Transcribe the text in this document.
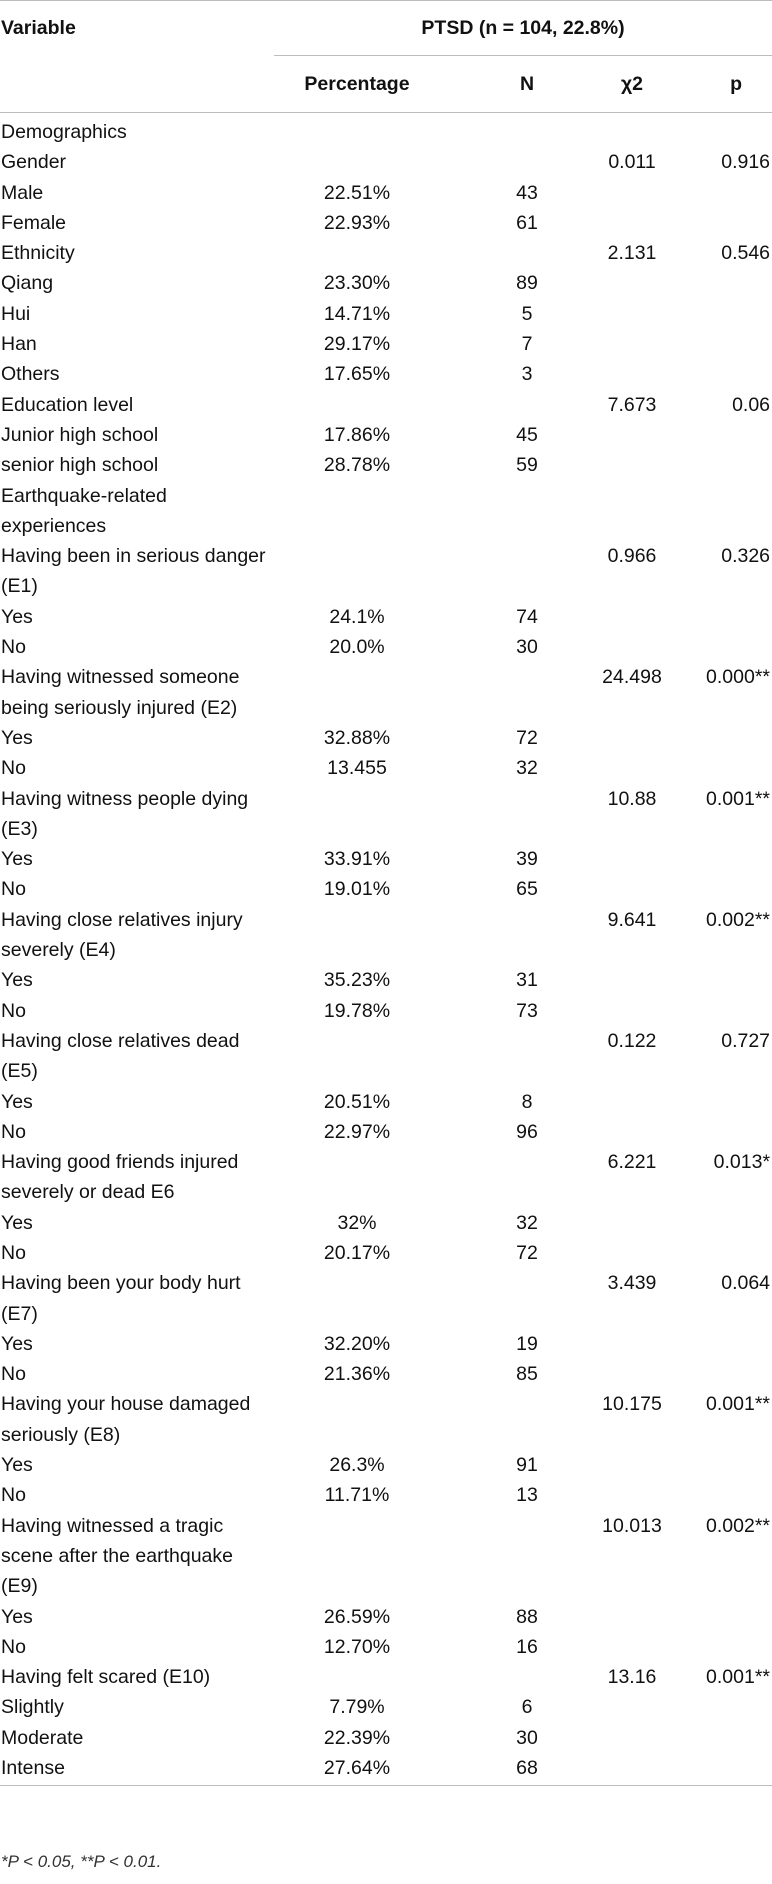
Variable	PTSD (n = 104, 22.8%)			
	Percentage	N	χ2	p
Demographics				
Gender			0.011	0.916
Male	22.51%	43		
Female	22.93%	61		
Ethnicity			2.131	0.546
Qiang	23.30%	89		
Hui	14.71%	5		
Han	29.17%	7		
Others	17.65%	3		
Education level			7.673	0.06
Junior high school	17.86%	45		
senior high school	28.78%	59		
Earthquake-related experiences				
Having been in serious danger (E1)			0.966	0.326
Yes	24.1%	74		
No	20.0%	30		
Having witnessed someone being seriously injured (E2)			24.498	0.000**
Yes	32.88%	72		
No	13.455	32		
Having witness people dying (E3)			10.88	0.001**
Yes	33.91%	39		
No	19.01%	65		
Having close relatives injury severely (E4)			9.641	0.002**
Yes	35.23%	31		
No	19.78%	73		
Having close relatives dead (E5)			0.122	0.727
Yes	20.51%	8		
No	22.97%	96		
Having good friends injured severely or dead E6			6.221	0.013*
Yes	32%	32		
No	20.17%	72		
Having been your body hurt (E7)			3.439	0.064
Yes	32.20%	19		
No	21.36%	85		
Having your house damaged seriously (E8)			10.175	0.001**
Yes	26.3%	91		
No	11.71%	13		
Having witnessed a tragic scene after the earthquake (E9)			10.013	0.002**
Yes	26.59%	88		
No	12.70%	16		
Having felt scared (E10)			13.16	0.001**
Slightly	7.79%	6		
Moderate	22.39%	30		
Intense	27.64%	68		
*P < 0.05, **P < 0.01.
